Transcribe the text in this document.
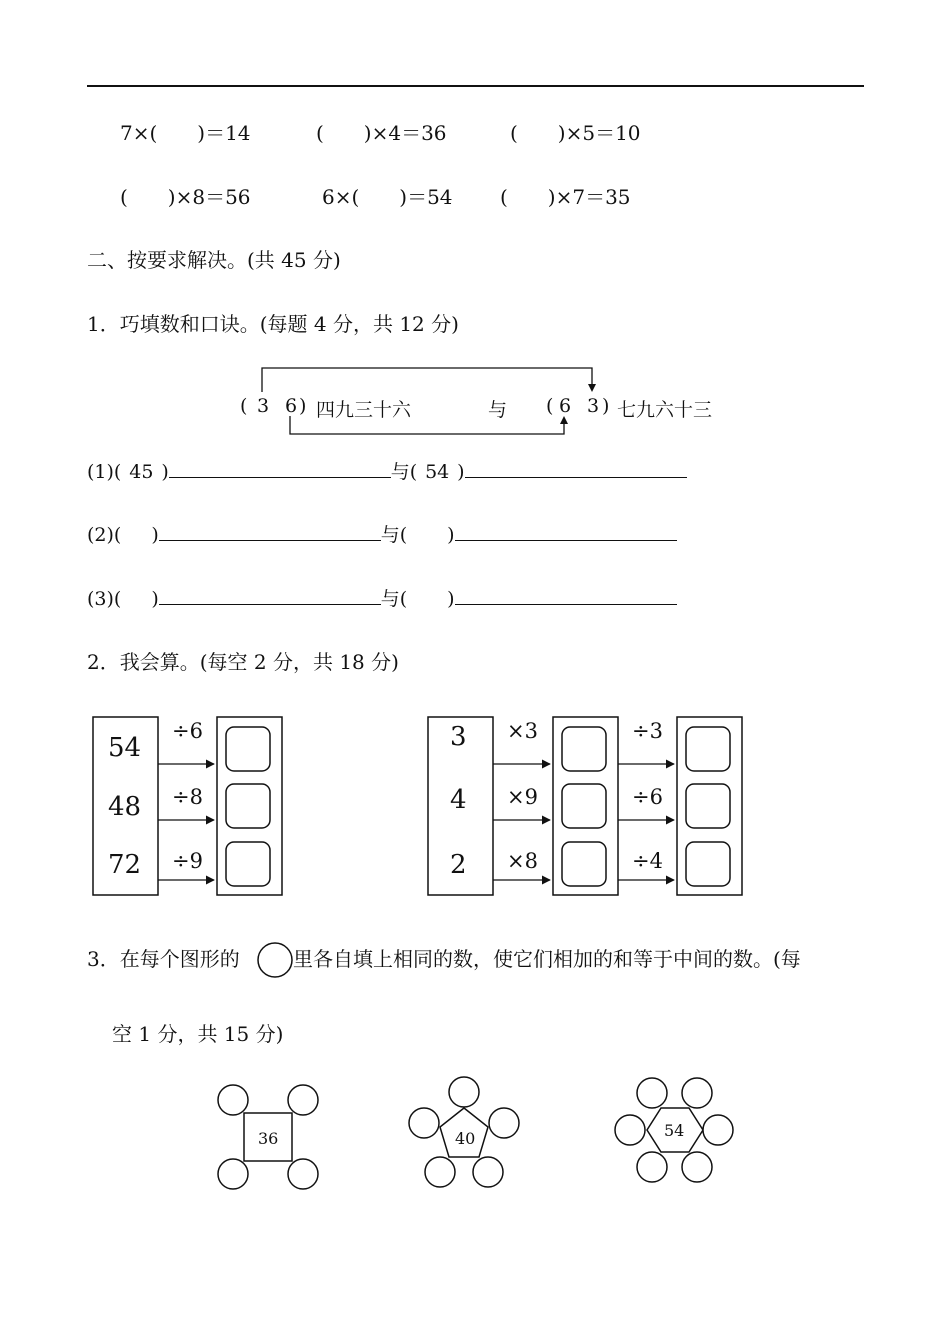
7×(　　)＝14	(　　)×4＝36	(　　)×5＝10
(　　)×8＝56	6×(　　)＝54 (　　)×7＝35
二、按要求解决。(共 45 分)
1．巧填数和口诀。(每题 4 分，共 12 分)
( 3 6 ) 四九三十六	与 ( 6 3 ) 七九六十三
(1)( 45 )	与( 54 )
(2)( )	与( )
(3)( )	与( )
2．我会算。(每空 2 分，共 18 分)
54
48
72
÷6
÷8
÷9
3
4
2
×3
×9
×8
÷3
÷6
÷4
3．在每个图形的	里各自填上相同的数，使它们相加的和等于中间的数。(每
空 1 分，共 15 分)
36	40	54
